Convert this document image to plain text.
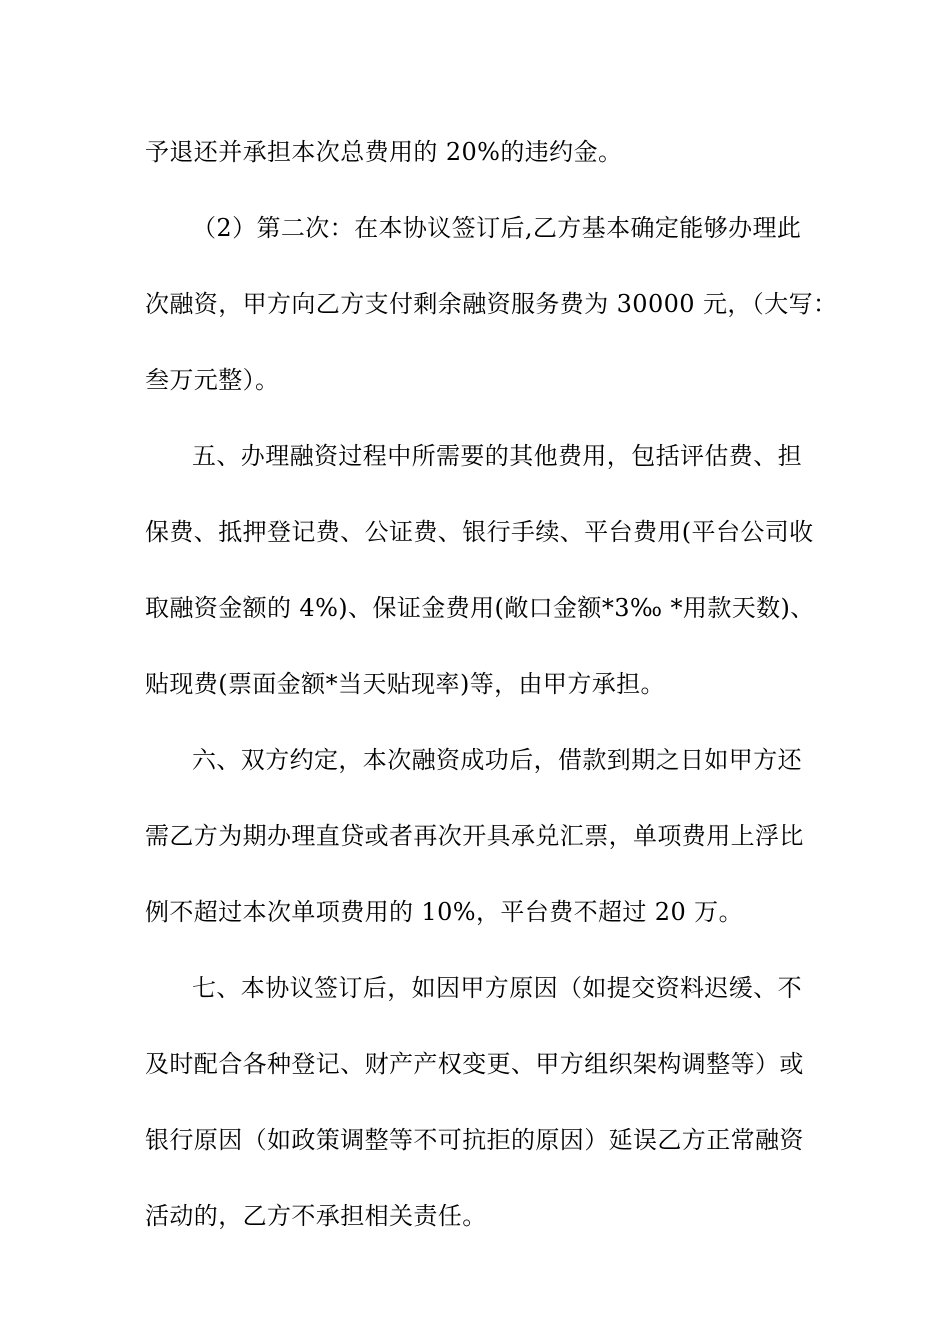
予退还并承担本次总费用的 20%的违约金。
（2）第二次：在本协议签订后,乙方基本确定能够办理此
次融资，甲方向乙方支付剩余融资服务费为 30000 元，（大写：
叁万元整）。
五、办理融资过程中所需要的其他费用，包括评估费、担
保费、抵押登记费、公证费、银行手续、平台费用(平台公司收
取融资金额的 4%)、保证金费用(敞口金额*3‰ *用款天数)、
贴现费(票面金额*当天贴现率)等，由甲方承担。
六、双方约定，本次融资成功后，借款到期之日如甲方还
需乙方为期办理直贷或者再次开具承兑汇票，单项费用上浮比
例不超过本次单项费用的 10%，平台费不超过 20 万。
七、本协议签订后，如因甲方原因（如提交资料迟缓、不
及时配合各种登记、财产产权变更、甲方组织架构调整等）或
银行原因（如政策调整等不可抗拒的原因）延误乙方正常融资
活动的，乙方不承担相关责任。
